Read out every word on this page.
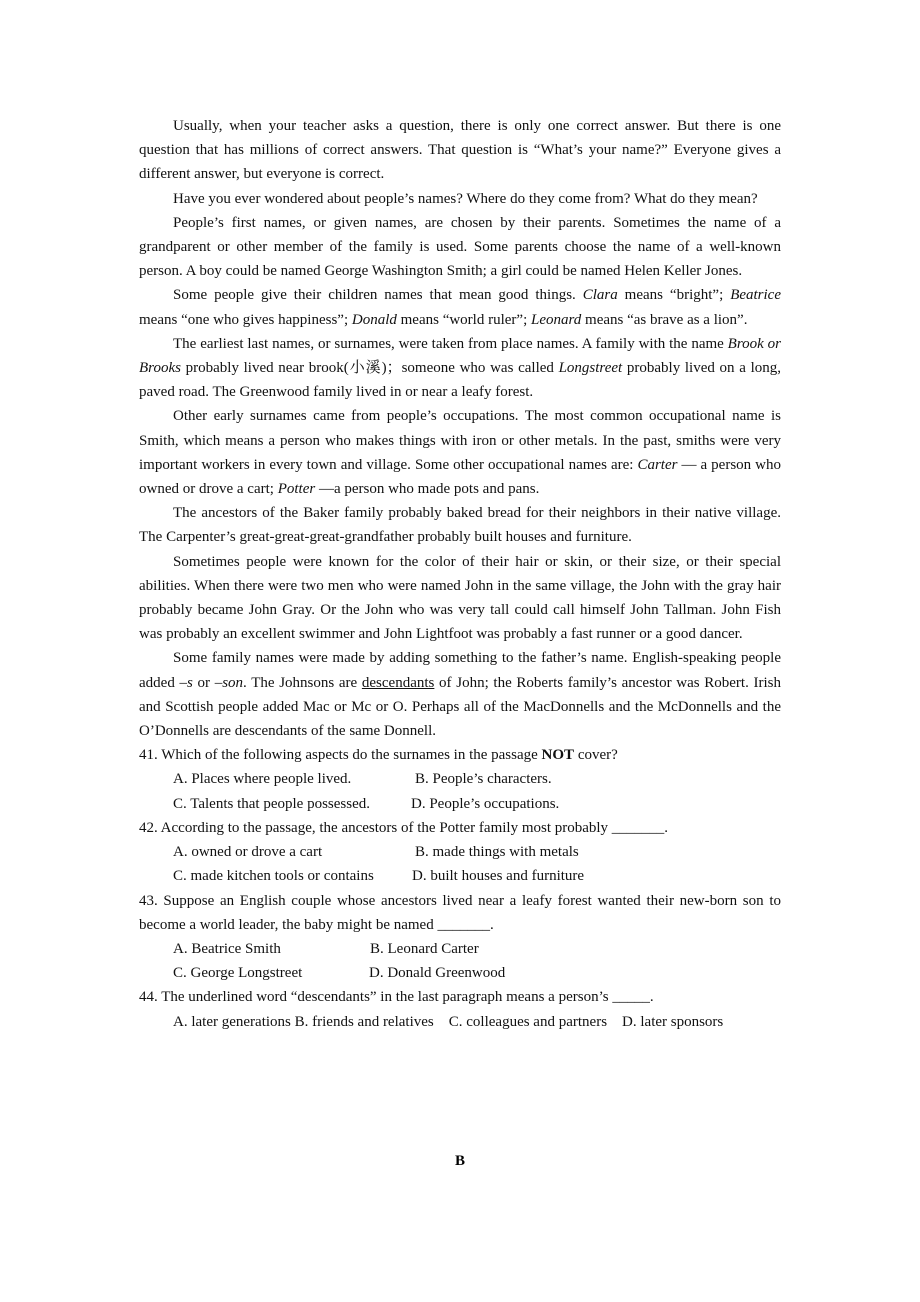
Usually, when your teacher asks a question, there is only one correct answer. But there is one question that has millions of correct answers. That question is “What’s your name?” Everyone gives a different answer, but everyone is correct.

Have you ever wondered about people’s names? Where do they come from? What do they mean?

People’s first names, or given names, are chosen by their parents. Sometimes the name of a grandparent or other member of the family is used. Some parents choose the name of a well-known person. A boy could be named George Washington Smith; a girl could be named Helen Keller Jones.

Some people give their children names that mean good things. Clara means “bright”; Beatrice means “one who gives happiness”; Donald means “world ruler”; Leonard means “as brave as a lion”.

The earliest last names, or surnames, were taken from place names. A family with the name Brook or Brooks probably lived near brook(小溪)；someone who was called Longstreet probably lived on a long, paved road. The Greenwood family lived in or near a leafy forest.

Other early surnames came from people’s occupations. The most common occupational name is Smith, which means a person who makes things with iron or other metals. In the past, smiths were very important workers in every town and village. Some other occupational names are: Carter — a person who owned or drove a cart; Potter —a person who made pots and pans.

The ancestors of the Baker family probably baked bread for their neighbors in their native village. The Carpenter’s great-great-great-grandfather probably built houses and furniture.

Sometimes people were known for the color of their hair or skin, or their size, or their special abilities. When there were two men who were named John in the same village, the John with the gray hair probably became John Gray. Or the John who was very tall could call himself John Tallman. John Fish was probably an excellent swimmer and John Lightfoot was probably a fast runner or a good dancer.

Some family names were made by adding something to the father’s name. English-speaking people added –s or –son. The Johnsons are descendants of John; the Roberts family’s ancestor was Robert. Irish and Scottish people added Mac or Mc or O. Perhaps all of the MacDonnells and the McDonnells and the O’Donnells are descendants of the same Donnell.

41. Which of the following aspects do the surnames in the passage NOT cover?

A. Places where people lived.	B. People’s characters.
C. Talents that people possessed.	D. People’s occupations.

42. According to the passage, the ancestors of the Potter family most probably _______.

A. owned or drove a cart	B. made things with metals
C. made kitchen tools or contains	D. built houses and furniture

43. Suppose an English couple whose ancestors lived near a leafy forest wanted their new-born son to become a world leader, the baby might be named _______.

A. Beatrice Smith	B. Leonard Carter
C. George Longstreet	D. Donald Greenwood

44. The underlined word “descendants” in the last paragraph means a person’s _____.

A. later generations B. friends and relatives C. colleagues and partners D. later sponsors
B
